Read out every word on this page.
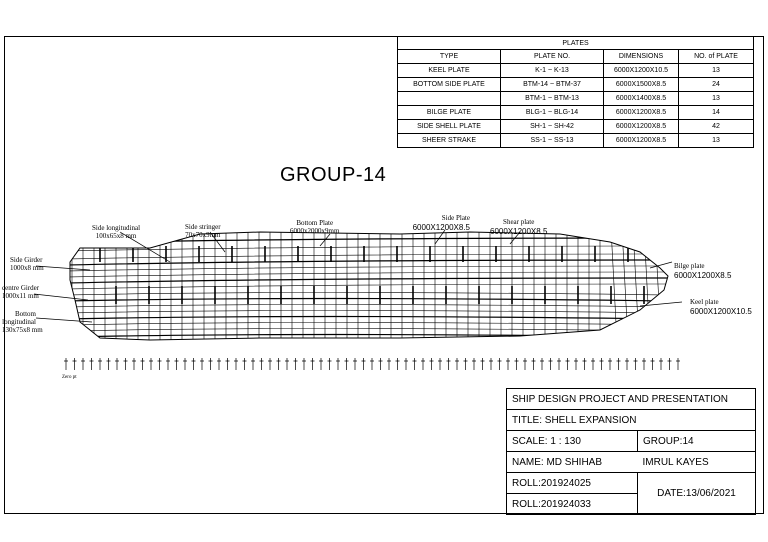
PLATES			
TYPE	PLATE NO.	DIMENSIONS	NO. of PLATE
KEEL PLATE	K-1 ~ K-13	6000X1200X10.5	13
BOTTOM SIDE PLATE	BTM-14 ~ BTM-37	6000X1500X8.5	24
	BTM-1 ~ BTM-13	6000X1400X8.5	13
BILGE PLATE	BLG-1 ~ BLG-14	6000X1200X8.5	14
SIDE SHELL PLATE	SH-1 ~ SH-42	6000X1200X8.5	42
SHEER STRAKE	SS-1 ~ SS-13	6000X1200X8.5	13
GROUP-14
Side Girder
1000x8 mm
centre Girder
1000x11 mm
Bottom
longitudinal
130x75x8 mm
Side longitudinal
100x65x8 mm
Side stringer
70x70x9mm
Bottom Plate
6000x2000x9mm
Side Plate
6000X1200X8.5
Shear plate
6000X1200X8.5
Bilge plate
6000X1200X8.5
Keel plate
6000X1200X10.5
Zero pt
SHIP DESIGN PROJECT AND PRESENTATION	
TITLE: SHELL EXPANSION	
SCALE: 1 : 130	GROUP:14
NAME: MD SHIHAB	IMRUL KAYES
ROLL:201924025	DATE:13/06/2021
ROLL:201924033	
